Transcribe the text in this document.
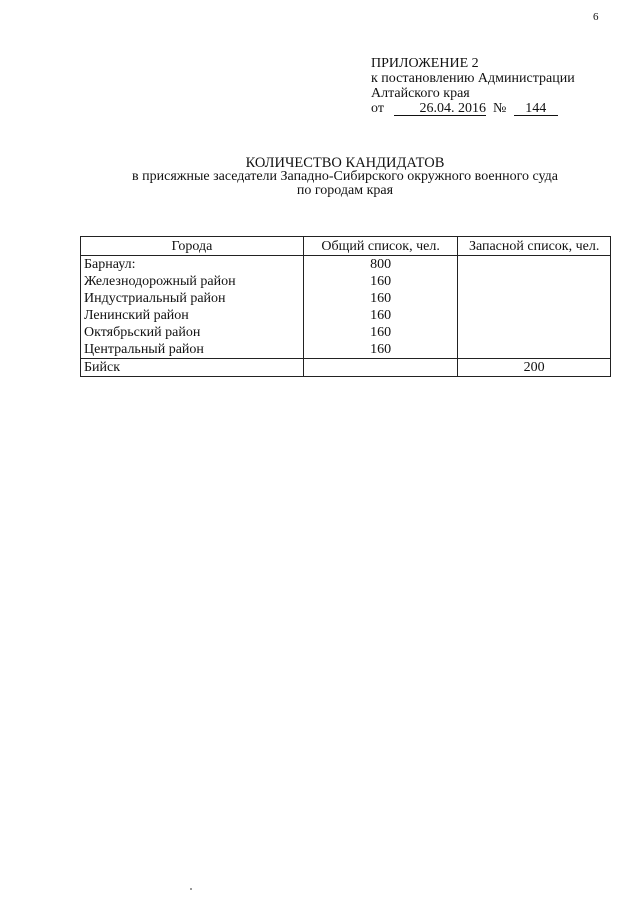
6
ПРИЛОЖЕНИЕ 2
к постановлению Администрации
Алтайского края
от	26.04. 2016 № 144
КОЛИЧЕСТВО КАНДИДАТОВ
в присяжные заседатели Западно-Сибирского окружного военного суда
по городам края
Города	Общий список, чел.	Запасной список, чел.
Барнаул:	800	
Железнодорожный район	160	
Индустриальный район	160	
Ленинский район	160	
Октябрьский район	160	
Центральный район	160	
Бийск		200
